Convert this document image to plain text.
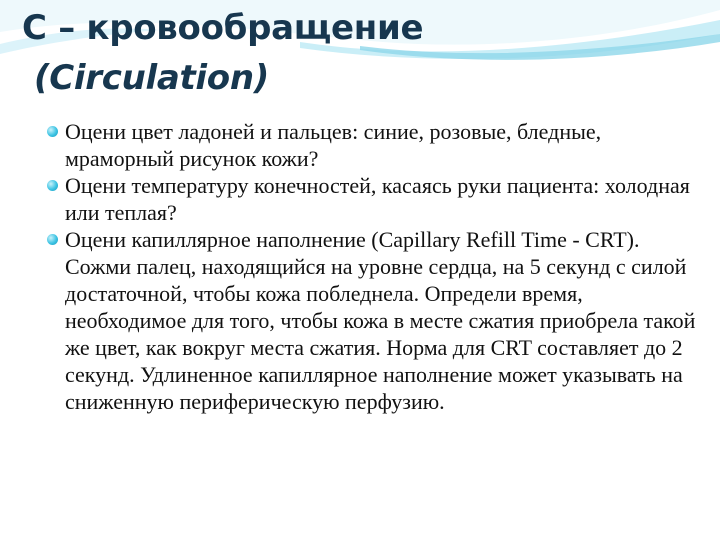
C – кровообращение
(Circulation)
Оцени цвет ладоней и пальцев: синие, розовые, бледные, мраморный рисунок кожи?
Оцени температуру конечностей, касаясь руки пациента: холодная или теплая?
Оцени капиллярное наполнение (Capillary Refill Time - CRT). Сожми палец, находящийся на уровне сердца, на 5 секунд с силой достаточной, чтобы кожа побледнела. Определи время, необходимое для того, чтобы кожа в месте сжатия приобрела такой же цвет, как вокруг места сжатия. Норма для CRT составляет до 2 секунд. Удлиненное капиллярное наполнение может указывать на сниженную периферическую перфузию.
